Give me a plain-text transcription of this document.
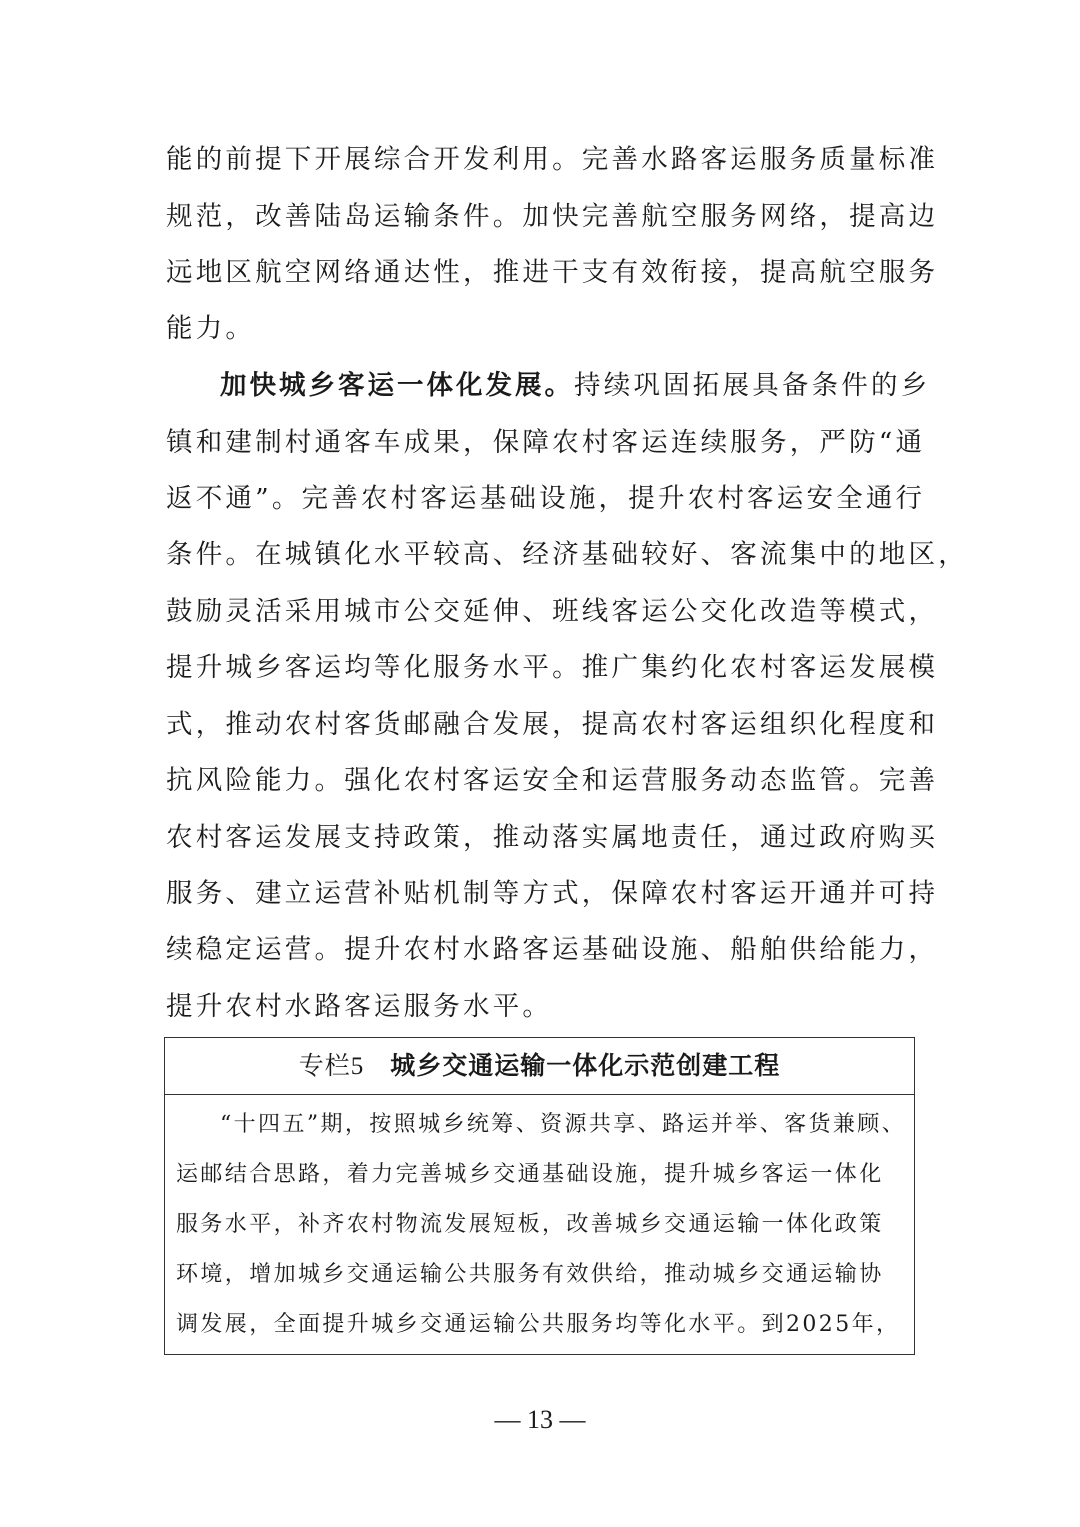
能的前提下开展综合开发利用。完善水路客运服务质量标准
规范，改善陆岛运输条件。加快完善航空服务网络，提高边
远地区航空网络通达性，推进干支有效衔接，提高航空服务
能力。
加快城乡客运一体化发展。持续巩固拓展具备条件的乡
镇和建制村通客车成果，保障农村客运连续服务，严防“通
返不通”。完善农村客运基础设施，提升农村客运安全通行
条件。在城镇化水平较高、经济基础较好、客流集中的地区，
鼓励灵活采用城市公交延伸、班线客运公交化改造等模式，
提升城乡客运均等化服务水平。推广集约化农村客运发展模
式，推动农村客货邮融合发展，提高农村客运组织化程度和
抗风险能力。强化农村客运安全和运营服务动态监管。完善
农村客运发展支持政策，推动落实属地责任，通过政府购买
服务、建立运营补贴机制等方式，保障农村客运开通并可持
续稳定运营。提升农村水路客运基础设施、船舶供给能力，
提升农村水路客运服务水平。
专栏5 城乡交通运输一体化示范创建工程
“十四五”期，按照城乡统筹、资源共享、路运并举、客货兼顾、
运邮结合思路，着力完善城乡交通基础设施，提升城乡客运一体化
服务水平，补齐农村物流发展短板，改善城乡交通运输一体化政策
环境，增加城乡交通运输公共服务有效供给，推动城乡交通运输协
调发展，全面提升城乡交通运输公共服务均等化水平。到2025年，
— 13 —
